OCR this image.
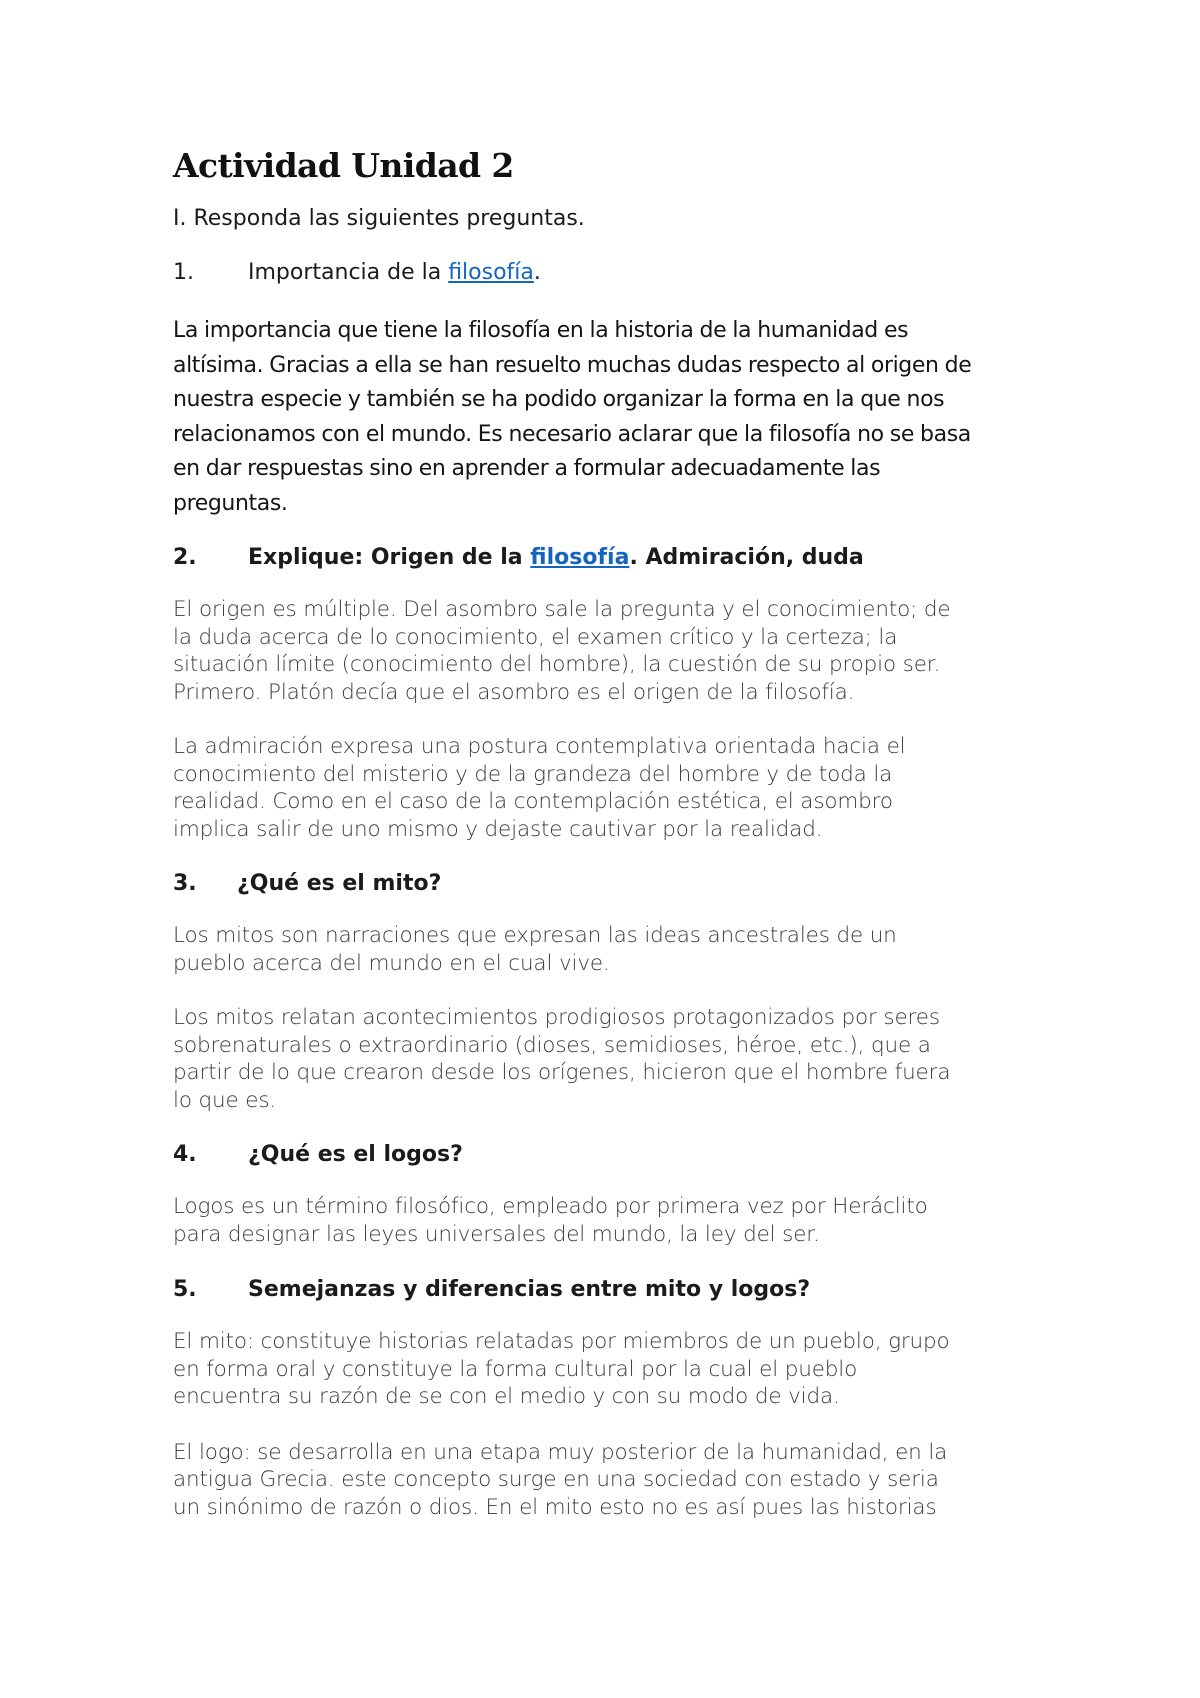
Actividad Unidad 2

I. Responda las siguientes preguntas.

1. Importancia de la filosofía.

La importancia que tiene la filosofía en la historia de la humanidad es
altísima. Gracias a ella se han resuelto muchas dudas respecto al origen de
nuestra especie y también se ha podido organizar la forma en la que nos
relacionamos con el mundo. Es necesario aclarar que la filosofía no se basa
en dar respuestas sino en aprender a formular adecuadamente las
preguntas.

2. Explique: Origen de la filosofía. Admiración, duda

El origen es múltiple. Del asombro sale la pregunta y el conocimiento; de
la duda acerca de lo conocimiento, el examen crítico y la certeza; la
situación límite (conocimiento del hombre), la cuestión de su propio ser.
Primero. Platón decía que el asombro es el origen de la filosofía.
La admiración expresa una postura contemplativa orientada hacia el
conocimiento del misterio y de la grandeza del hombre y de toda la
realidad. Como en el caso de la contemplación estética, el asombro
implica salir de uno mismo y dejaste cautivar por la realidad.

3. ¿Qué es el mito?

Los mitos son narraciones que expresan las ideas ancestrales de un
pueblo acerca del mundo en el cual vive.
Los mitos relatan acontecimientos prodigiosos protagonizados por seres
sobrenaturales o extraordinario (dioses, semidioses, héroe, etc.), que a
partir de lo que crearon desde los orígenes, hicieron que el hombre fuera
lo que es.

4. ¿Qué es el logos?

Logos es un término filosófico, empleado por primera vez por Heráclito
para designar las leyes universales del mundo, la ley del ser.

5. Semejanzas y diferencias entre mito y logos?

El mito: constituye historias relatadas por miembros de un pueblo, grupo
en forma oral y constituye la forma cultural por la cual el pueblo
encuentra su razón de se con el medio y con su modo de vida.
El logo: se desarrolla en una etapa muy posterior de la humanidad, en la
antigua Grecia. este concepto surge en una sociedad con estado y seria
un sinónimo de razón o dios. En el mito esto no es así pues las historias
